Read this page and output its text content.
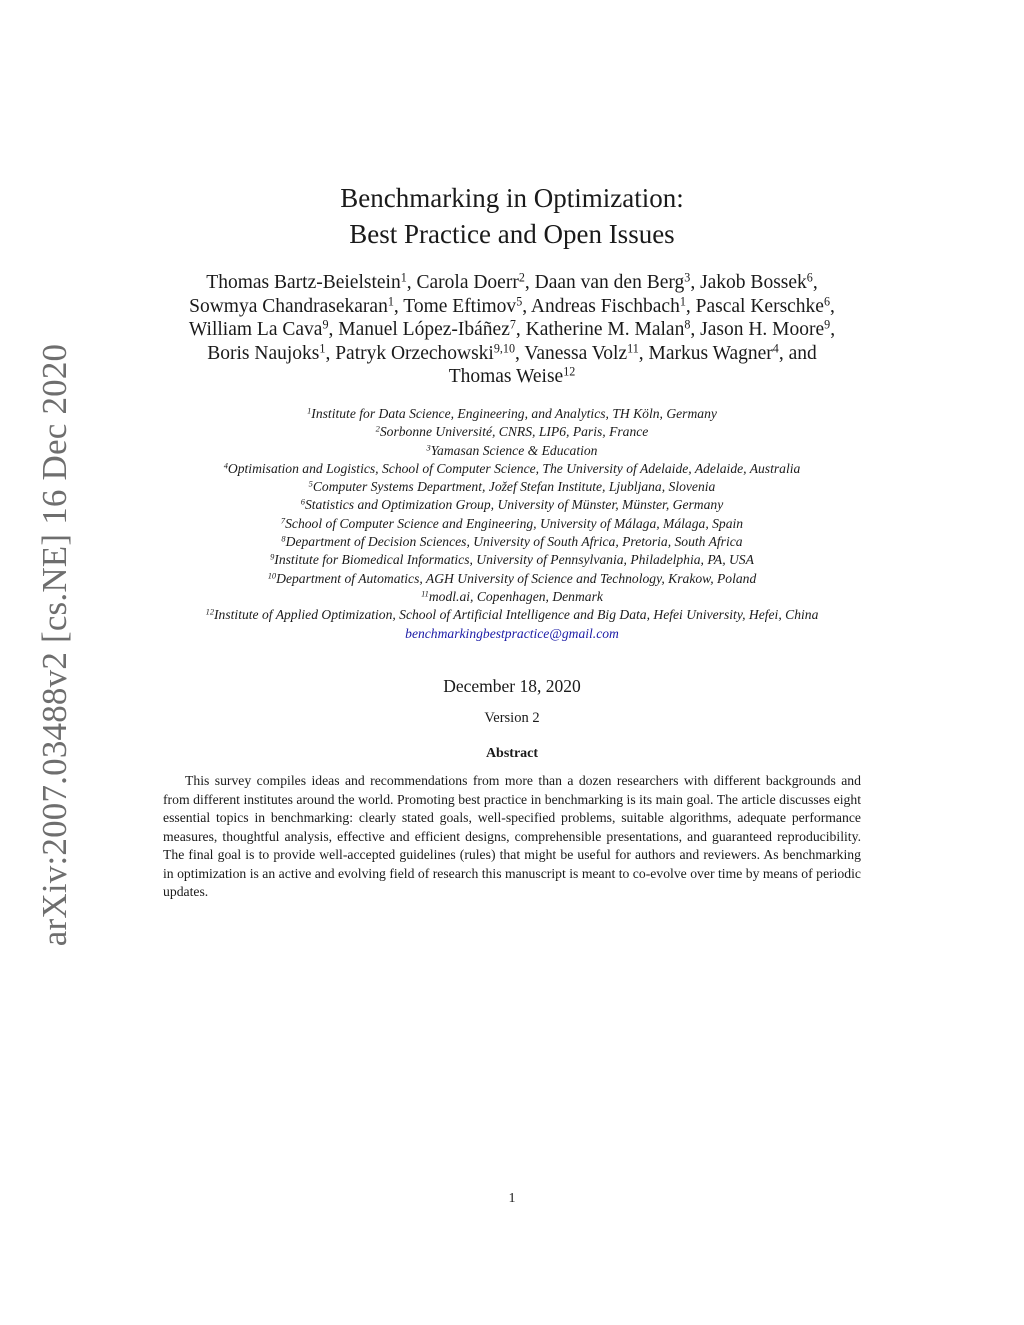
arXiv:2007.03488v2 [cs.NE] 16 Dec 2020
Benchmarking in Optimization:
Best Practice and Open Issues
Thomas Bartz-Beielstein$^1$, Carola Doerr$^2$, Daan van den Berg$^3$, Jakob Bossek$^6$,
Sowmya Chandrasekaran$^1$, Tome Eftimov$^5$, Andreas Fischbach$^1$, Pascal Kerschke$^6$,
William La Cava$^9$, Manuel López-Ibáñez$^7$, Katherine M. Malan$^8$, Jason H. Moore$^9$,
Boris Naujoks$^1$, Patryk Orzechowski$^{9,10}$, Vanessa Volz$^{11}$, Markus Wagner$^4$, and
Thomas Weise$^{12}$
$^1$Institute for Data Science, Engineering, and Analytics, TH Köln, Germany
$^2$Sorbonne Université, CNRS, LIP6, Paris, France
$^3$Yamasan Science & Education
$^4$Optimisation and Logistics, School of Computer Science, The University of Adelaide, Adelaide, Australia
$^5$Computer Systems Department, Jožef Stefan Institute, Ljubljana, Slovenia
$^6$Statistics and Optimization Group, University of Münster, Münster, Germany
$^7$School of Computer Science and Engineering, University of Málaga, Málaga, Spain
$^8$Department of Decision Sciences, University of South Africa, Pretoria, South Africa
$^9$Institute for Biomedical Informatics, University of Pennsylvania, Philadelphia, PA, USA
$^{10}$Department of Automatics, AGH University of Science and Technology, Krakow, Poland
$^{11}$modl.ai, Copenhagen, Denmark
$^{12}$Institute of Applied Optimization, School of Artificial Intelligence and Big Data, Hefei University, Hefei, China
benchmarkingbestpractice@gmail.com
December 18, 2020
Version 2
Abstract
This survey compiles ideas and recommendations from more than a dozen researchers with different backgrounds and from different institutes around the world. Promoting best practice in benchmarking is its main goal. The article discusses eight essential topics in benchmarking: clearly stated goals, well-specified problems, suitable algorithms, adequate performance measures, thoughtful analysis, effective and efficient designs, comprehensible presentations, and guaranteed reproducibility. The final goal is to provide well-accepted guidelines (rules) that might be useful for authors and reviewers. As benchmarking in optimization is an active and evolving field of research this manuscript is meant to co-evolve over time by means of periodic updates.
1
